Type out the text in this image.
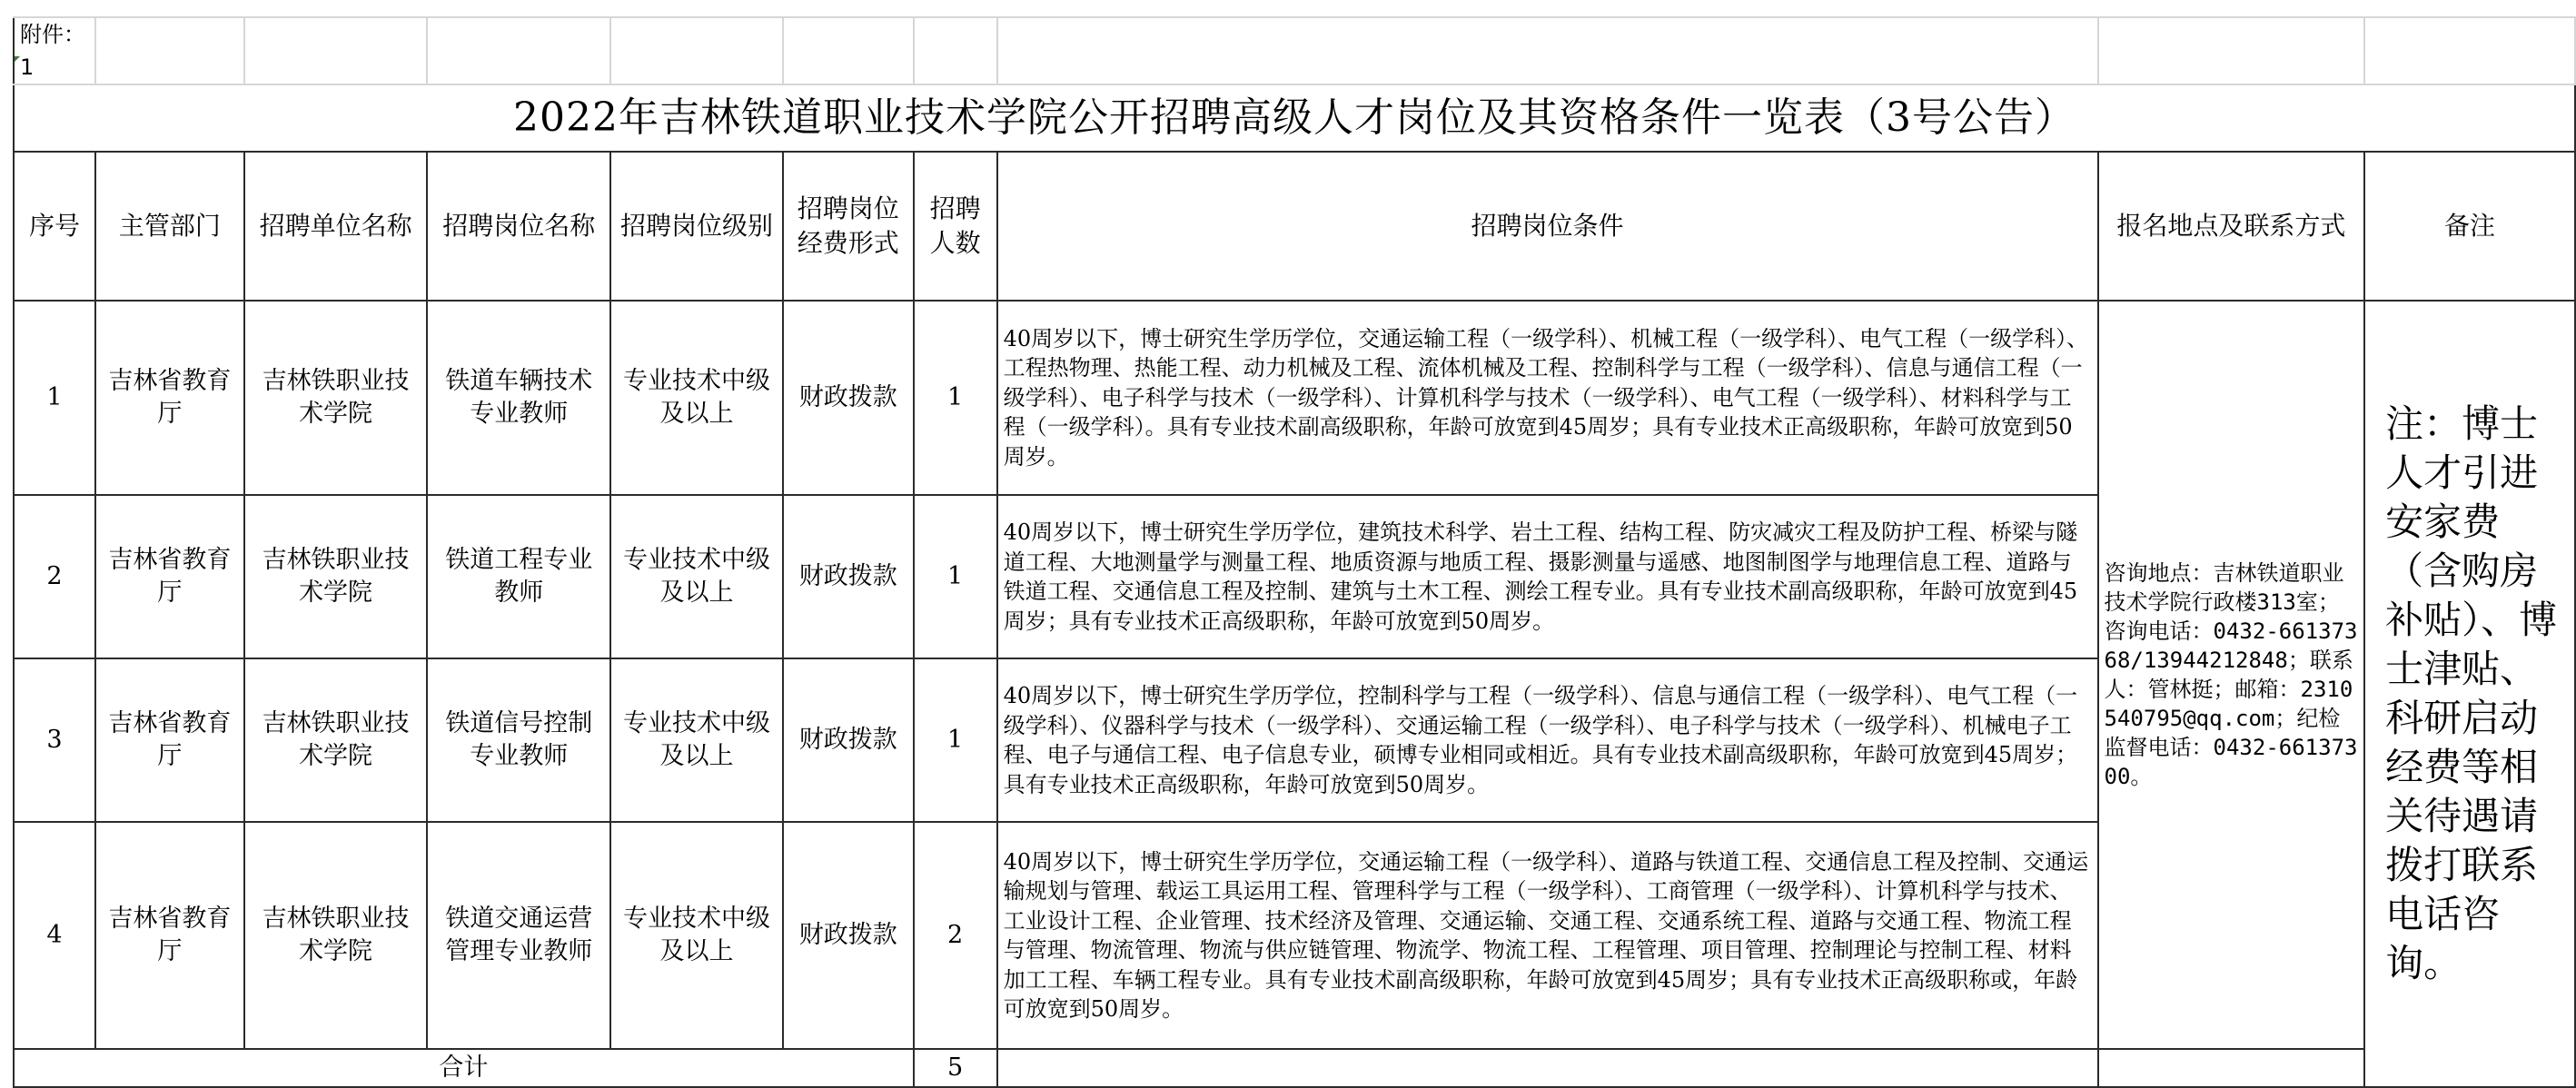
附件：1									
2022年吉林铁道职业技术学院公开招聘高级人才岗位及其资格条件一览表（3号公告）									
序号	主管部门	招聘单位名称	招聘岗位名称	招聘岗位级别	招聘岗位经费形式	招聘人数	招聘岗位条件	报名地点及联系方式	备注
1	吉林省教育厅	吉林铁职业技术学院	铁道车辆技术专业教师	专业技术中级及以上	财政拨款	1	40周岁以下，博士研究生学历学位，交通运输工程（一级学科）、机械工程（一级学科）、电气工程（一级学科）、工程热物理、热能工程、动力机械及工程、流体机械及工程、控制科学与工程（一级学科）、信息与通信工程（一级学科）、电子科学与技术（一级学科）、计算机科学与技术（一级学科）、电气工程（一级学科）、材料科学与工程（一级学科）。具有专业技术副高级职称，年龄可放宽到45周岁；具有专业技术正高级职称，年龄可放宽到50周岁。	咨询地点：吉林铁道职业技术学院行政楼313室；咨询电话：0432-66137368/13944212848；联系人：管林挺；邮箱：2310540795@qq.com；纪检监督电话：0432-66137300。	注：博士人才引进安家费（含购房补贴）、博士津贴、科研启动经费等相关待遇请拨打联系电话咨询。
2	吉林省教育厅	吉林铁职业技术学院	铁道工程专业教师	专业技术中级及以上	财政拨款	1	40周岁以下，博士研究生学历学位，建筑技术科学、岩土工程、结构工程、防灾减灾工程及防护工程、桥梁与隧道工程、大地测量学与测量工程、地质资源与地质工程、摄影测量与遥感、地图制图学与地理信息工程、道路与铁道工程、交通信息工程及控制、建筑与土木工程、测绘工程专业。具有专业技术副高级职称，年龄可放宽到45周岁；具有专业技术正高级职称，年龄可放宽到50周岁。		
3	吉林省教育厅	吉林铁职业技术学院	铁道信号控制专业教师	专业技术中级及以上	财政拨款	1	40周岁以下，博士研究生学历学位，控制科学与工程（一级学科）、信息与通信工程（一级学科）、电气工程（一级学科）、仪器科学与技术（一级学科）、交通运输工程（一级学科）、电子科学与技术（一级学科）、机械电子工程、电子与通信工程、电子信息专业，硕博专业相同或相近。具有专业技术副高级职称，年龄可放宽到45周岁；具有专业技术正高级职称，年龄可放宽到50周岁。		
4	吉林省教育厅	吉林铁职业技术学院	铁道交通运营管理专业教师	专业技术中级及以上	财政拨款	2	40周岁以下，博士研究生学历学位，交通运输工程（一级学科）、道路与铁道工程、交通信息工程及控制、交通运输规划与管理、载运工具运用工程、管理科学与工程（一级学科）、工商管理（一级学科）、计算机科学与技术、工业设计工程、企业管理、技术经济及管理、交通运输、交通工程、交通系统工程、道路与交通工程、物流工程与管理、物流管理、物流与供应链管理、物流学、物流工程、工程管理、项目管理、控制理论与控制工程、材料加工工程、车辆工程专业。具有专业技术副高级职称，年龄可放宽到45周岁；具有专业技术正高级职称或，年龄可放宽到50周岁。		
合计						5			
